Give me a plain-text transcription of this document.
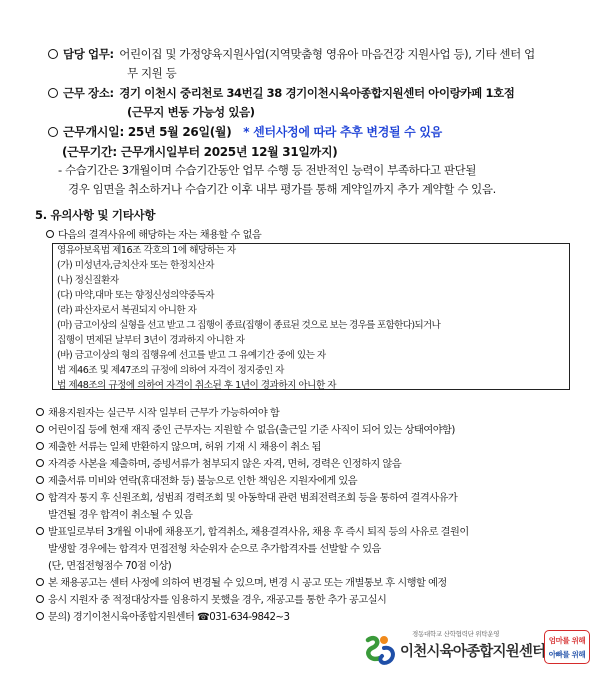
담당 업무: 어린이집 및 가정양육지원사업(지역맞춤형 영유아 마음건강 지원사업 등), 기타 센터 업
무 지원 등
근무 장소: 경기 이천시 중리천로 34번길 38 경기이천시육아종합지원센터 아이랑카페 1호점
(근무지 변동 가능성 있음)
근무개시일: 25년 5월 26일(월) * 센터사정에 따라 추후 변경될 수 있음
(근무기간: 근무개시일부터 2025년 12월 31일까지)
- 수습기간은 3개월이며 수습기간동안 업무 수행 등 전반적인 능력이 부족하다고 판단될
경우 임면을 취소하거나 수습기간 이후 내부 평가를 통해 계약일까지 추가 계약할 수 있음.
5. 유의사항 및 기타사항
다음의 결격사유에 해당하는 자는 채용할 수 없음
영유아보육법 제16조 각호의 1에 해당하는 자
(가) 미성년자,금치산자 또는 한정치산자
(나) 정신질환자
(다) 마약,대마 또는 향정신성의약중독자
(라) 파산자로서 복권되지 아니한 자
(마) 금고이상의 실형을 선고 받고 그 집행이 종료(집행이 종료된 것으로 보는 경우를 포함한다)되거나
집행이 면제된 날부터 3년이 경과하지 아니한 자
(바) 금고이상의 형의 집행유예 선고를 받고 그 유예기간 중에 있는 자
법 제46조 및 제47조의 규정에 의하여 자격이 정지중인 자
법 제48조의 규정에 의하여 자격이 취소된 후 1년이 경과하지 아니한 자
채용지원자는 실근무 시작 일부터 근무가 가능하여야 함
어린이집 등에 현재 재직 중인 근무자는 지원할 수 없음(출근일 기준 사직이 되어 있는 상태여야함)
제출한 서류는 일체 반환하지 않으며, 허위 기재 시 채용이 취소 됨
자격증 사본을 제출하며, 증빙서류가 첨부되지 않은 자격, 면허, 경력은 인정하지 않음
제출서류 미비와 연락(휴대전화 등) 불능으로 인한 책임은 지원자에게 있음
합격자 통지 후 신원조회, 성범죄 경력조회 및 아동학대 관련 범죄전력조회 등을 통하여 결격사유가
발견될 경우 합격이 취소될 수 있음
발표일로부터 3개월 이내에 채용포기, 합격취소, 채용결격사유, 채용 후 즉시 퇴직 등의 사유로 결원이
발생할 경우에는 합격자 면접전형 차순위자 순으로 추가합격자를 선발할 수 있음
(단, 면접전형점수 70점 이상)
본 채용공고는 센터 사정에 의하여 변경될 수 있으며, 변경 시 공고 또는 개별통보 후 시행할 예정
응시 지원자 중 적정대상자를 임용하지 못했을 경우, 재공고를 통한 추가 공고실시
문의) 경기이천시육아종합지원센터 ☎031-634-9842~3
경동대학교 산학협력단 위탁운영
이천시육아종합지원센터
엄마를 위해
아빠를 위해
